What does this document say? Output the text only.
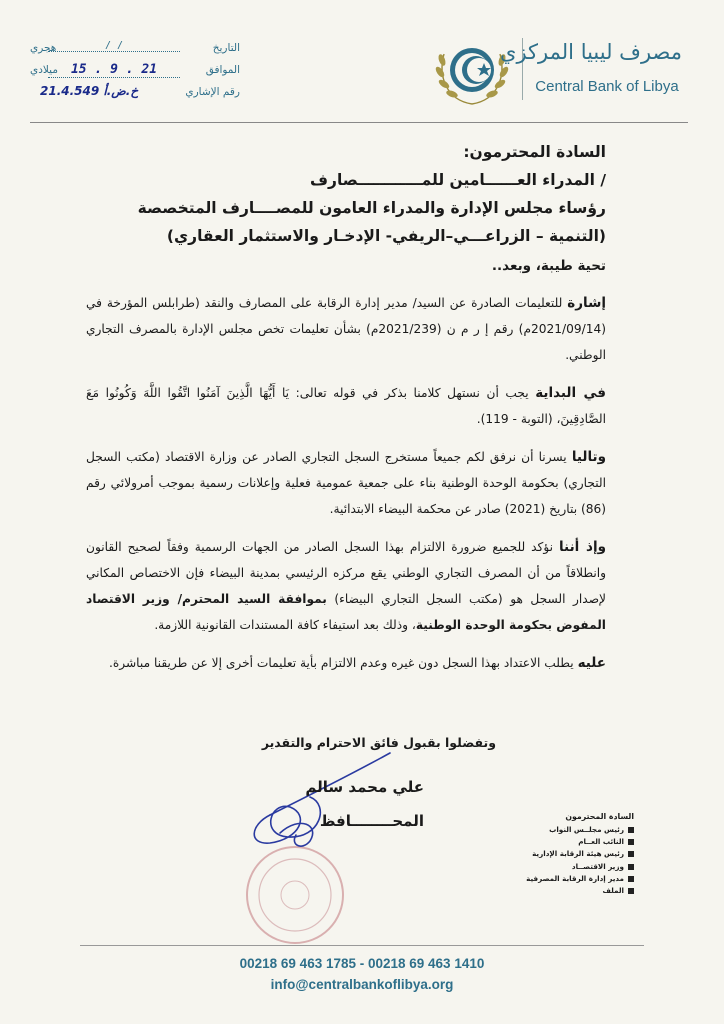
مصرف ليبيا المركزي
Central Bank of Libya
التاريخ
/ /
هجري
الموافق
15 . 9 . 21
ميلادي
رقم الإشاري
21.4.549 خ.ض.أ
السادة المحترمون:
/ المدراء العــــــامين للمــــــــــــصارف
رؤساء مجلس الإدارة والمدراء العامون للمصــــارف المتخصصة
(التنمية – الزراعـــي–الريفي- الإدخـار والاستثمار العقاري)
تحية طيبة، وبعد..
إشارة للتعليمات الصادرة عن السيد/ مدير إدارة الرقابة على المصارف والنقد (طرابلس المؤرخة في (2021/09/14م) رقم إ ر م ن (2021/239م) بشأن تعليمات تخص مجلس الإدارة بالمصرف التجاري الوطني.
في البداية يجب أن نستهل كلامنا بذكر في قوله تعالى: يَا أَيُّهَا الَّذِينَ آمَنُوا اتَّقُوا اللَّهَ وَكُونُوا مَعَ الصَّادِقِينَ، (التوبة - 119).
وتاليا يسرنا أن نرفق لكم جميعاً مستخرج السجل التجاري الصادر عن وزارة الاقتصاد (مكتب السجل التجاري) بحكومة الوحدة الوطنية بناء على جمعية عمومية فعلية وإعلانات رسمية بموجب أمرولائي رقم (86) بتاريخ (2021) صادر عن محكمة البيضاء الابتدائية.
وإذ أننا نؤكد للجميع ضرورة الالتزام بهذا السجل الصادر من الجهات الرسمية وفقاً لصحيح القانون وانطلاقاً من أن المصرف التجاري الوطني يقع مركزه الرئيسي بمدينة البيضاء فإن الاختصاص المكاني لإصدار السجل هو (مكتب السجل التجاري البيضاء) بموافقة السيد المحترم/ وزير الاقتصاد المفوض بحكومة الوحدة الوطنية، وذلك بعد استيفاء كافة المستندات القانونية اللازمة.
عليه يطلب الاعتداد بهذا السجل دون غيره وعدم الالتزام بأية تعليمات أخرى إلا عن طريقنا مباشرة.
وتفضلوا بقبول فائق الاحترام والتقدير
علي محمد سالم
المحــــــــافظ	السادة المحترمون
رئيس مجلــس النواب
النائب العــام
رئيس هيئة الرقابة الإدارية
وزير الاقتصــاد
مدير إدارة الرقابة المصرفية
الملف
00218 69 463 1785 - 00218 69 463 1410
info@centralbankoflibya.org
